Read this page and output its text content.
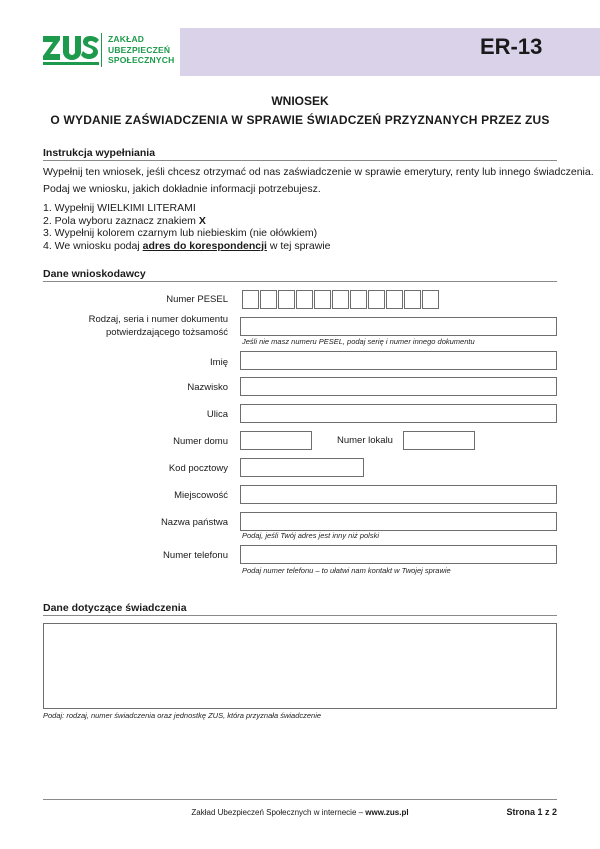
ZAKŁAD
UBEZPIECZEŃ
SPOŁECZNYCH
ER-13
WNIOSEK
O WYDANIE ZAŚWIADCZENIA W SPRAWIE ŚWIADCZEŃ PRZYZNANYCH PRZEZ ZUS
Instrukcja wypełniania
Wypełnij ten wniosek, jeśli chcesz otrzymać od nas zaświadczenie w sprawie emerytury, renty lub innego świadczenia.
Podaj we wniosku, jakich dokładnie informacji potrzebujesz.
1. Wypełnij WIELKIMI LITERAMI
2. Pola wyboru zaznacz znakiem X
3. Wypełnij kolorem czarnym lub niebieskim (nie ołówkiem)
4. We wniosku podaj adres do korespondencji w tej sprawie
Dane wnioskodawcy
Numer PESEL
Rodzaj, seria i numer dokumentu
potwierdzającego tożsamość
Jeśli nie masz numeru PESEL, podaj serię i numer innego dokumentu
Imię
Nazwisko
Ulica
Numer domu	Numer lokalu
Kod pocztowy
Miejscowość
Nazwa państwa
Podaj, jeśli Twój adres jest inny niż polski
Numer telefonu
Podaj numer telefonu – to ułatwi nam kontakt w Twojej sprawie
Dane dotyczące świadczenia
Podaj: rodzaj, numer świadczenia oraz jednostkę ZUS, która przyznała świadczenie
Zakład Ubezpieczeń Społecznych w internecie – www.zus.pl	Strona 1 z 2
